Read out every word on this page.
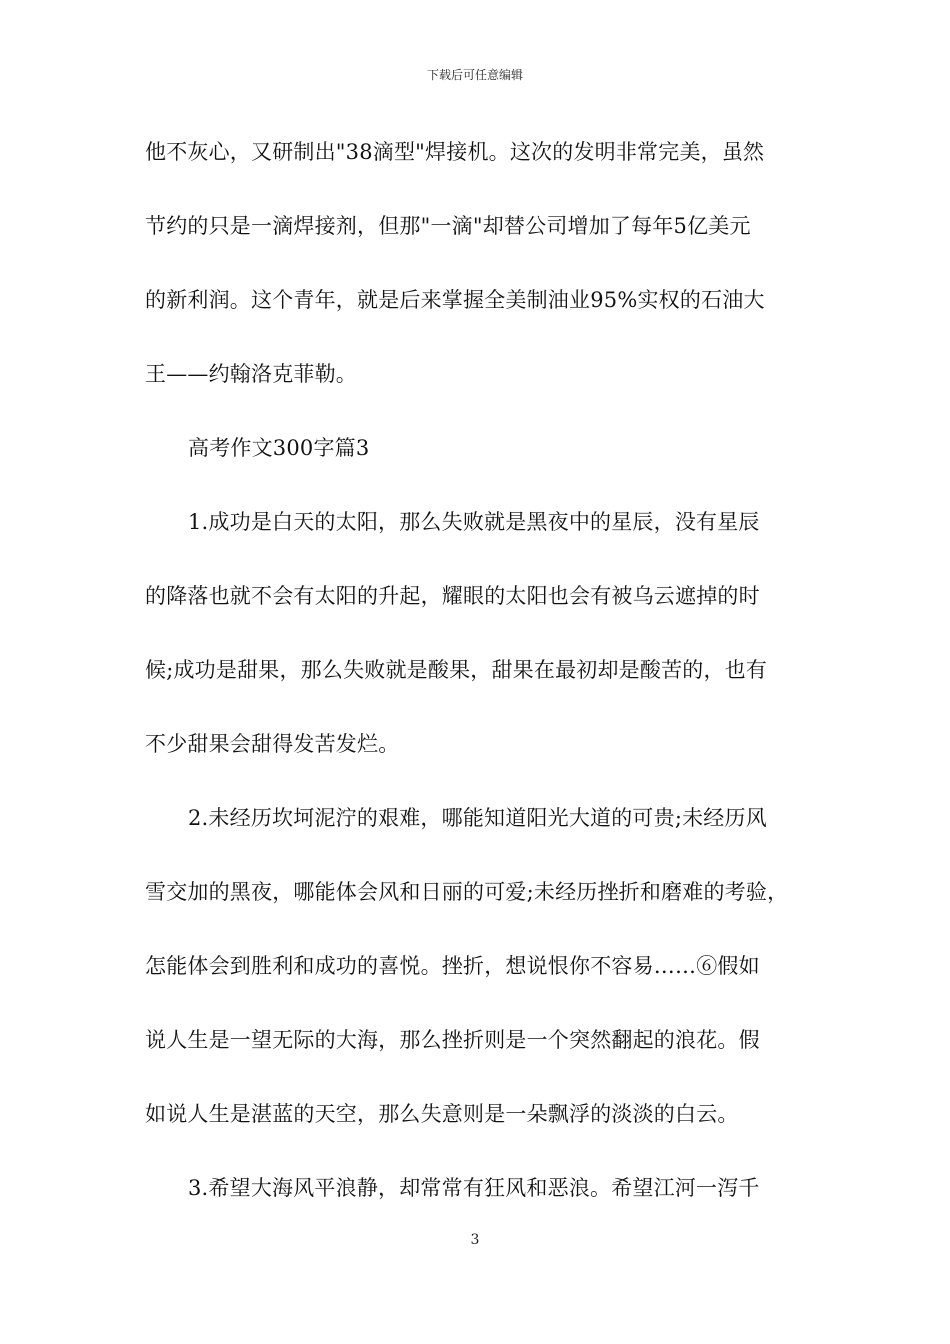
下载后可任意编辑
他不灰心，又研制出"38滴型"焊接机。这次的发明非常完美，虽然
节约的只是一滴焊接剂，但那"一滴"却替公司增加了每年5亿美元
的新利润。这个青年，就是后来掌握全美制油业95%实权的石油大
王——约翰洛克菲勒。
高考作文300字篇3
1.成功是白天的太阳，那么失败就是黑夜中的星辰，没有星辰
的降落也就不会有太阳的升起，耀眼的太阳也会有被乌云遮掉的时
候;成功是甜果，那么失败就是酸果，甜果在最初却是酸苦的，也有
不少甜果会甜得发苦发烂。
2.未经历坎坷泥泞的艰难，哪能知道阳光大道的可贵;未经历风
雪交加的黑夜，哪能体会风和日丽的可爱;未经历挫折和磨难的考验，
怎能体会到胜利和成功的喜悦。挫折，想说恨你不容易……⑥假如
说人生是一望无际的大海，那么挫折则是一个突然翻起的浪花。假
如说人生是湛蓝的天空，那么失意则是一朵飘浮的淡淡的白云。
3.希望大海风平浪静，却常常有狂风和恶浪。希望江河一泻千
3
